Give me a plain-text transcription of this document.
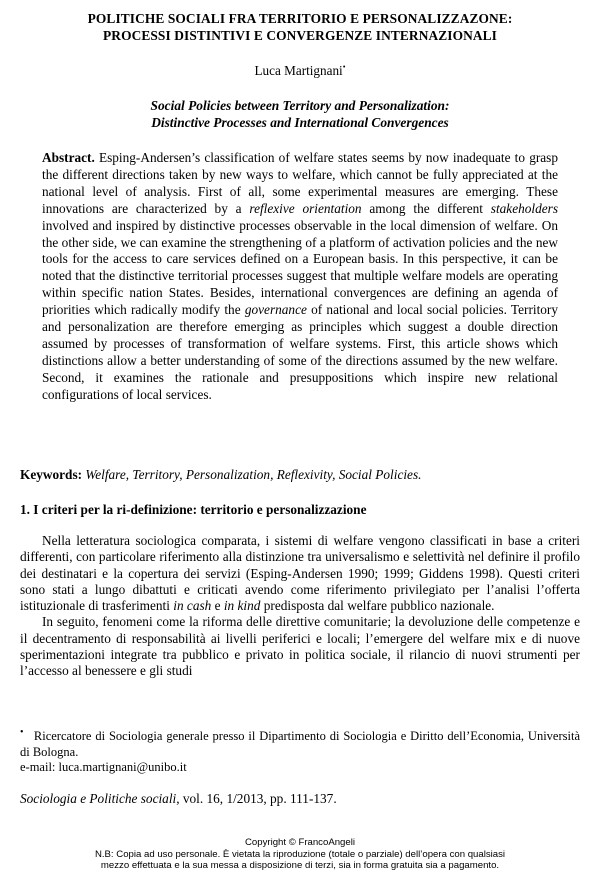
POLITICHE SOCIALI FRA TERRITORIO E PERSONALIZZAZONE:
PROCESSI DISTINTIVI E CONVERGENZE INTERNAZIONALI
Luca Martignani•
Social Policies between Territory and Personalization:
Distinctive Processes and International Convergences

Abstract. Esping-Andersen’s classification of welfare states seems by now inadequate to grasp the different directions taken by new ways to welfare, which cannot be fully appreciated at the national level of analysis. First of all, some experimental measures are emerging. These innovations are characterized by a reflexive orientation among the different stakeholders involved and inspired by distinctive processes observable in the local dimension of welfare. On the other side, we can examine the strengthening of a platform of activation policies and the new tools for the access to care services defined on a European basis. In this perspective, it can be noted that the distinctive territorial processes suggest that multiple welfare models are operating within specific nation States. Besides, international convergences are defining an agenda of priorities which radically modify the governance of national and local social policies. Territory and personalization are therefore emerging as principles which suggest a double direction assumed by processes of transformation of welfare systems. First, this article shows which distinctions allow a better understanding of some of the directions assumed by the new welfare. Second, it examines the rationale and presuppositions which inspire new relational configurations of local services.

Keywords: Welfare, Territory, Personalization, Reflexivity, Social Policies.

1. I criteri per la ri-definizione: territorio e personalizzazione

Nella letteratura sociologica comparata, i sistemi di welfare vengono classificati in base a criteri differenti, con particolare riferimento alla distinzione tra universalismo e selettività nel definire il profilo dei destinatari e la copertura dei servizi (Esping-Andersen 1990; 1999; Giddens 1998). Questi criteri sono stati a lungo dibattuti e criticati avendo come riferimento privilegiato per l’analisi l’offerta istituzionale di trasferimenti in cash e in kind predisposta dal welfare pubblico nazionale.

In seguito, fenomeni come la riforma delle direttive comunitarie; la devoluzione delle competenze e il decentramento di responsabilità ai livelli periferici e locali; l’emergere del welfare mix e di nuove sperimentazioni integrate tra pubblico e privato in politica sociale, il rilancio di nuovi strumenti per l’accesso al benessere e gli studi

• Ricercatore di Sociologia generale presso il Dipartimento di Sociologia e Diritto dell’Economia, Università di Bologna.
e-mail: luca.martignani@unibo.it

Sociologia e Politiche sociali, vol. 16, 1/2013, pp. 111-137.

Copyright © FrancoAngeli
N.B: Copia ad uso personale. È vietata la riproduzione (totale o parziale) dell’opera con qualsiasi
mezzo effettuata e la sua messa a disposizione di terzi, sia in forma gratuita sia a pagamento.
